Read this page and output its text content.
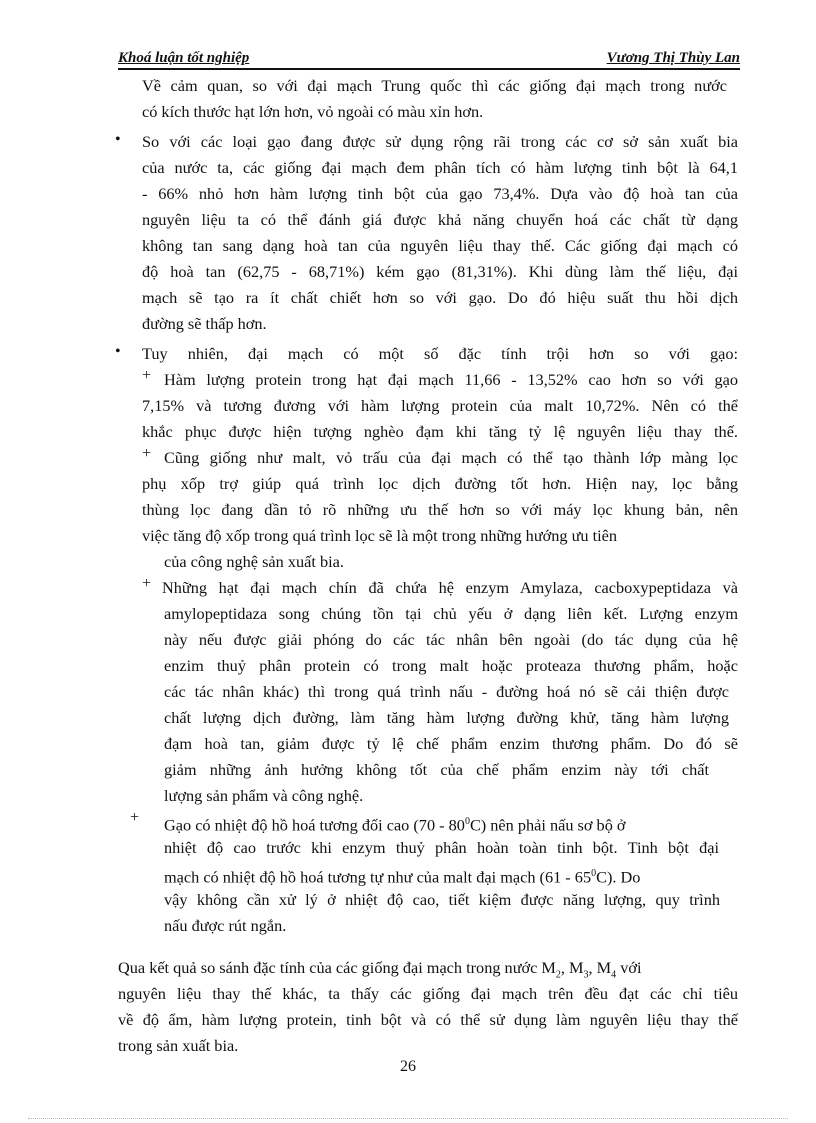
Khoá luận tốt nghiệp	Vương Thị Thùy Lan
Về cảm quan, so với đại mạch Trung quốc thì các giống đại mạch trong nước
có kích thước hạt lớn hơn, vỏ ngoài có màu xỉn hơn.
• So với các loại gạo đang được sử dụng rộng rãi trong các cơ sở sản xuất bia
của nước ta, các giống đại mạch đem phân tích có hàm lượng tinh bột là 64,1
- 66% nhỏ hơn hàm lượng tinh bột của gạo 73,4%. Dựa vào độ hoà tan của
nguyên liệu ta có thể đánh giá được khả năng chuyển hoá các chất từ dạng
không tan sang dạng hoà tan của nguyên liệu thay thế. Các giống đại mạch có
độ hoà tan (62,75 - 68,71%) kém gạo (81,31%). Khi dùng làm thế liệu, đại
mạch sẽ tạo ra ít chất chiết hơn so với gạo. Do đó hiệu suất thu hồi dịch
đường sẽ thấp hơn.
• Tuy nhiên, đại mạch có một số đặc tính trội hơn so với gạo:
+ Hàm lượng protein trong hạt đại mạch 11,66 - 13,52% cao hơn so với gạo
7,15% và tương đương với hàm lượng protein của malt 10,72%. Nên có thể
khắc phục được hiện tượng nghèo đạm khi tăng tỷ lệ nguyên liệu thay thế.
+ Cũng giống như malt, vỏ trấu của đại mạch có thể tạo thành lớp màng lọc
phụ xốp trợ giúp quá trình lọc dịch đường tốt hơn. Hiện nay, lọc bằng
thùng lọc đang dần tỏ rõ những ưu thế hơn so với máy lọc khung bản, nên
việc tăng độ xốp trong quá trình lọc sẽ là một trong những hướng ưu tiên
của công nghệ sản xuất bia.
+ Những hạt đại mạch chín đã chứa hệ enzym Amylaza, cacboxypeptidaza và
amylopeptidaza song chúng tồn tại chủ yếu ở dạng liên kết. Lượng enzym
này nếu được giải phóng do các tác nhân bên ngoài (do tác dụng của hệ
enzim thuỷ phân protein có trong malt hoặc proteaza thương phẩm, hoặc
các tác nhân khác) thì trong quá trình nấu - đường hoá nó sẽ cải thiện được
chất lượng dịch đường, làm tăng hàm lượng đường khử, tăng hàm lượng
đạm hoà tan, giảm được tỷ lệ chế phẩm enzim thương phẩm. Do đó sẽ
giảm những ảnh hưởng không tốt của chế phẩm enzim này tới chất
lượng sản phẩm và công nghệ.
+ Gạo có nhiệt độ hồ hoá tương đối cao $(70 - 80^0C)$ nên phải nấu sơ bộ ở
nhiệt độ cao trước khi enzym thuỷ phân hoàn toàn tinh bột. Tinh bột đại
mạch có nhiệt độ hồ hoá tương tự như của malt đại mạch $(61 - 65^0C)$. Do
vậy không cần xử lý ở nhiệt độ cao, tiết kiệm được năng lượng, quy trình
nấu được rút ngắn.
Qua kết quả so sánh đặc tính của các giống đại mạch trong nước $M_2$, $M_3$, $M_4$ với
nguyên liệu thay thế khác, ta thấy các giống đại mạch trên đều đạt các chỉ tiêu
về độ ẩm, hàm lượng protein, tinh bột và có thể sử dụng làm nguyên liệu thay thế
trong sản xuất bia.
26
